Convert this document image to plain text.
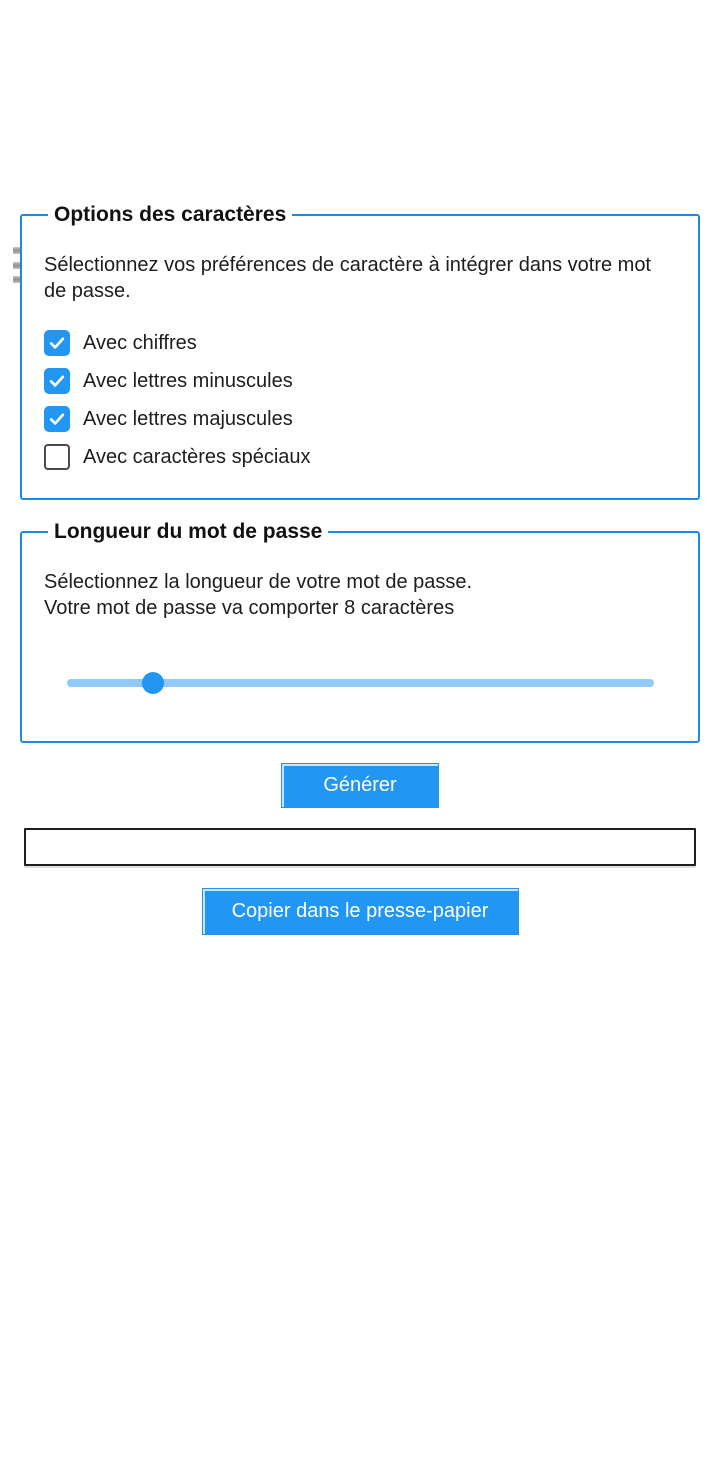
Options des caractères

Sélectionnez vos préférences de caractère à intégrer dans votre mot de passe.

Avec chiffres
Avec lettres minuscules
Avec lettres majuscules
Avec caractères spéciaux
Longueur du mot de passe

Sélectionnez la longueur de votre mot de passe.
Votre mot de passe va comporter 8 caractères

Générer
Copier dans le presse-papier
